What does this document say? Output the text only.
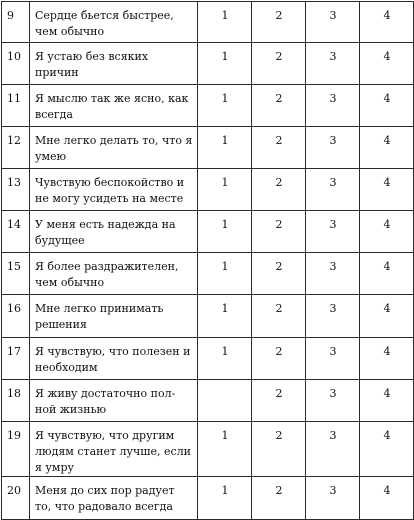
9	Сердце бьется быстрее, чем обычно	1	2	3	4
10	Я устаю без всяких причин	1	2	3	4
11	Я мыслю так же ясно, как всегда	1	2	3	4
12	Мне легко делать то, что я умею	1	2	3	4
13	Чувствую беспокойство и не могу усидеть на месте	1	2	3	4
14	У меня есть надежда на будущее	1	2	3	4
15	Я более раздражителен, чем обычно	1	2	3	4
16	Мне легко принимать решения	1	2	3	4
17	Я чувствую, что полезен и необходим	1	2	3	4
18	Я живу достаточно пол-ной жизнью		2	3	4
19	Я чувствую, что другим людям станет лучше, если я умру	1	2	3	4
20	Меня до сих пор радует то, что радовало всегда	1	2	3	4
